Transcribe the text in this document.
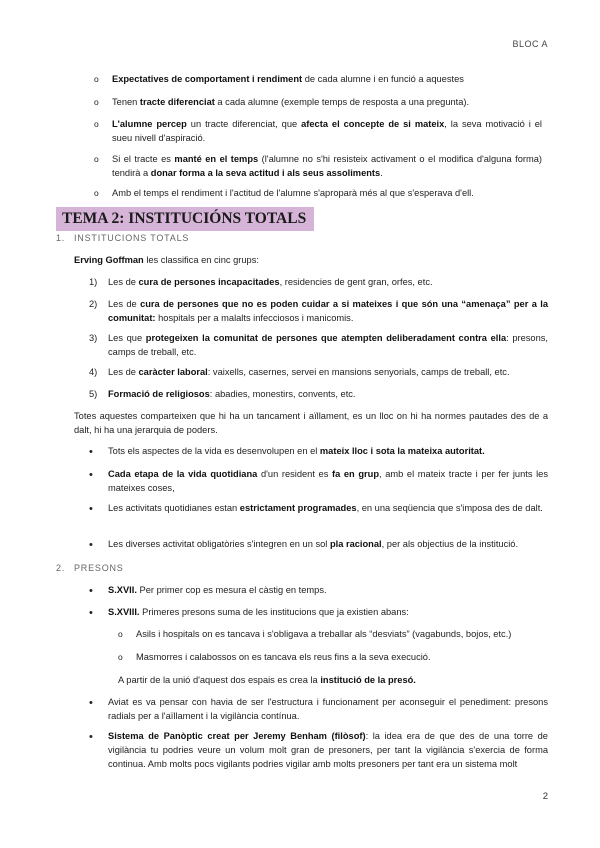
BLOC A
o Expectatives de comportament i rendiment de cada alumne i en funció a aquestes
o Tenen tracte diferenciat a cada alumne (exemple temps de resposta a una pregunta).
o L'alumne percep un tracte diferenciat, que afecta el concepte de si mateix, la seva motivació i el sueu nivell d'aspiració.
o Si el tracte es manté en el temps (l'alumne no s'hi resisteix activament o el modifica d'alguna forma) tendirà a donar forma a la seva actitud i als seus assoliments.
o Amb el temps el rendiment i l'actitud de l'alumne s'aproparà més al que s'esperava d'ell.
TEMA 2: INSTITUCIÓNS TOTALS
1. INSTITUCIONS TOTALS
Erving Goffman les classifica en cinc grups:
1) Les de cura de persones incapacitades, residencies de gent gran, orfes, etc.
2) Les de cura de persones que no es poden cuidar a si mateixes i que són una “amenaça” per a la comunitat: hospitals per a malalts infecciosos i manicomis.
3) Les que protegeixen la comunitat de persones que atempten deliberadament contra ella: presons, camps de treball, etc.
4) Les de caràcter laboral: vaixells, casernes, servei en mansions senyorials, camps de treball, etc.
5) Formació de religiosos: abadies, monestirs, convents, etc.
Totes aquestes comparteixen que hi ha un tancament i aïllament, es un lloc on hi ha normes pautades des de a dalt, hi ha una jerarquia de poders.
• Tots els aspectes de la vida es desenvolupen en el mateix lloc i sota la mateixa autoritat.
• Cada etapa de la vida quotidiana d'un resident es fa en grup, amb el mateix tracte i per fer junts les mateixes coses,
• Les activitats quotidianes estan estrictament programades, en una seqüencia que s'imposa des de dalt.
• Les diverses activitat obligatòries s'integren en un sol pla racional, per als objectius de la institució.
2. PRESONS
• S.XVII. Per primer cop es mesura el càstig en temps.
• S.XVIII. Primeres presons suma de les institucions que ja existien abans:
o Asils i hospitals on es tancava i s'obligava a treballar als “desviats” (vagabunds, bojos, etc.)
o Masmorres i calabossos on es tancava els reus fins a la seva execució.
A partir de la unió d'aquest dos espais es crea la institució de la presó.
• Aviat es va pensar con havia de ser l'estructura i funcionament per aconseguir el penediment: presons radials per a l'aïllament i la vigilància contínua.
• Sistema de Panòptic creat per Jeremy Benham (filòsof): la idea era de que des de una torre de vigilància tu podries veure un volum molt gran de presoners, per tant la vigilància s'exercia de forma continua. Amb molts pocs vigilants podries vigilar amb molts presoners per tant era un sistema molt
2
